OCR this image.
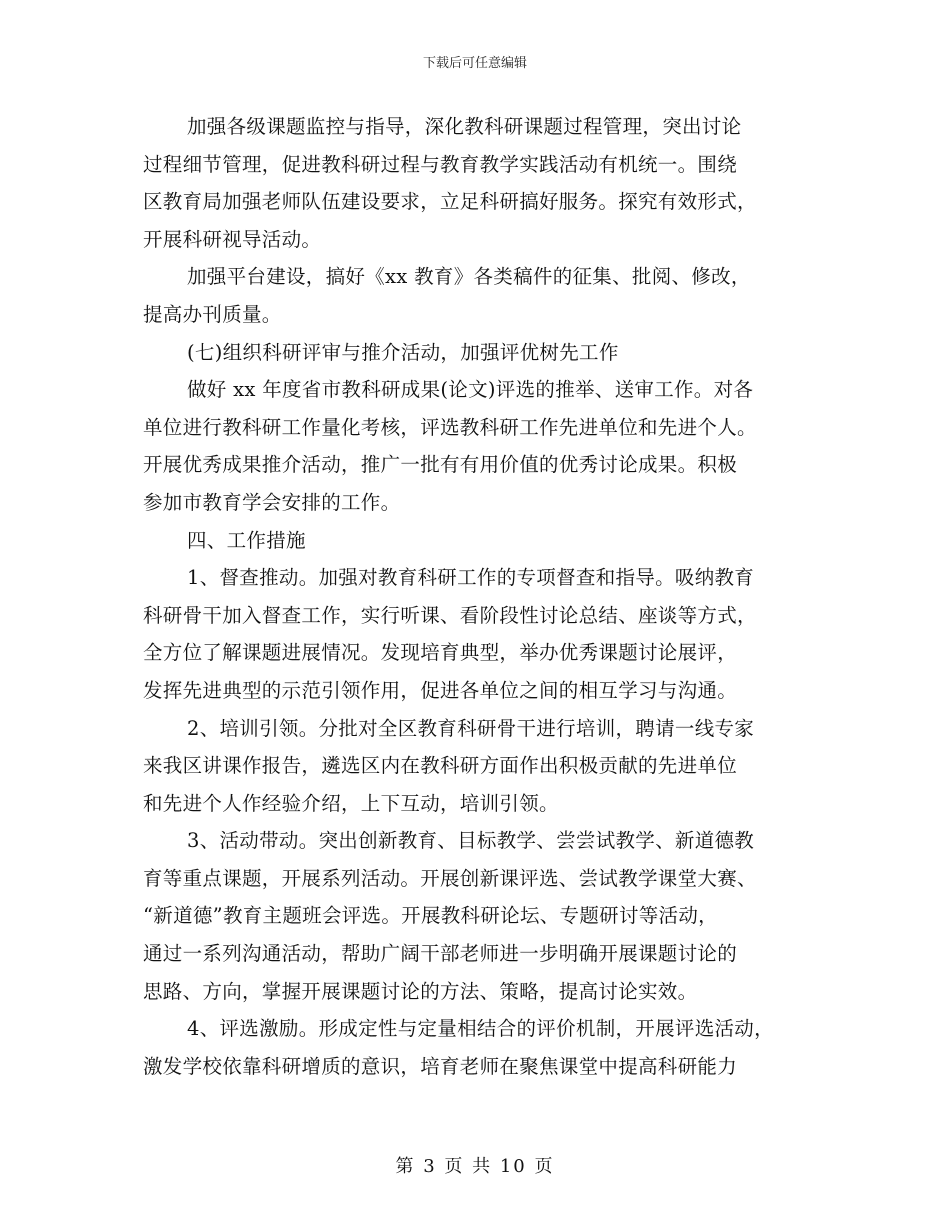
下载后可任意编辑
加强各级课题监控与指导，深化教科研课题过程管理，突出讨论
过程细节管理，促进教科研过程与教育教学实践活动有机统一。围绕
区教育局加强老师队伍建设要求，立足科研搞好服务。探究有效形式，
开展科研视导活动。
加强平台建设，搞好《xx 教育》各类稿件的征集、批阅、修改，
提高办刊质量。
(七)组织科研评审与推介活动，加强评优树先工作
做好 xx 年度省市教科研成果(论文)评选的推举、送审工作。对各
单位进行教科研工作量化考核，评选教科研工作先进单位和先进个人。
开展优秀成果推介活动，推广一批有有用价值的优秀讨论成果。积极
参加市教育学会安排的工作。
四、工作措施
1、督查推动。加强对教育科研工作的专项督查和指导。吸纳教育
科研骨干加入督查工作，实行听课、看阶段性讨论总结、座谈等方式，
全方位了解课题进展情况。发现培育典型，举办优秀课题讨论展评，
发挥先进典型的示范引领作用，促进各单位之间的相互学习与沟通。
2、培训引领。分批对全区教育科研骨干进行培训，聘请一线专家
来我区讲课作报告，遴选区内在教科研方面作出积极贡献的先进单位
和先进个人作经验介绍，上下互动，培训引领。
3、活动带动。突出创新教育、目标教学、尝尝试教学、新道德教
育等重点课题，开展系列活动。开展创新课评选、尝试教学课堂大赛、
“新道德”教育主题班会评选。开展教科研论坛、专题研讨等活动，
通过一系列沟通活动，帮助广阔干部老师进一步明确开展课题讨论的
思路、方向，掌握开展课题讨论的方法、策略，提高讨论实效。
4、评选激励。形成定性与定量相结合的评价机制，开展评选活动，
激发学校依靠科研增质的意识，培育老师在聚焦课堂中提高科研能力
第 3 页 共 10 页
